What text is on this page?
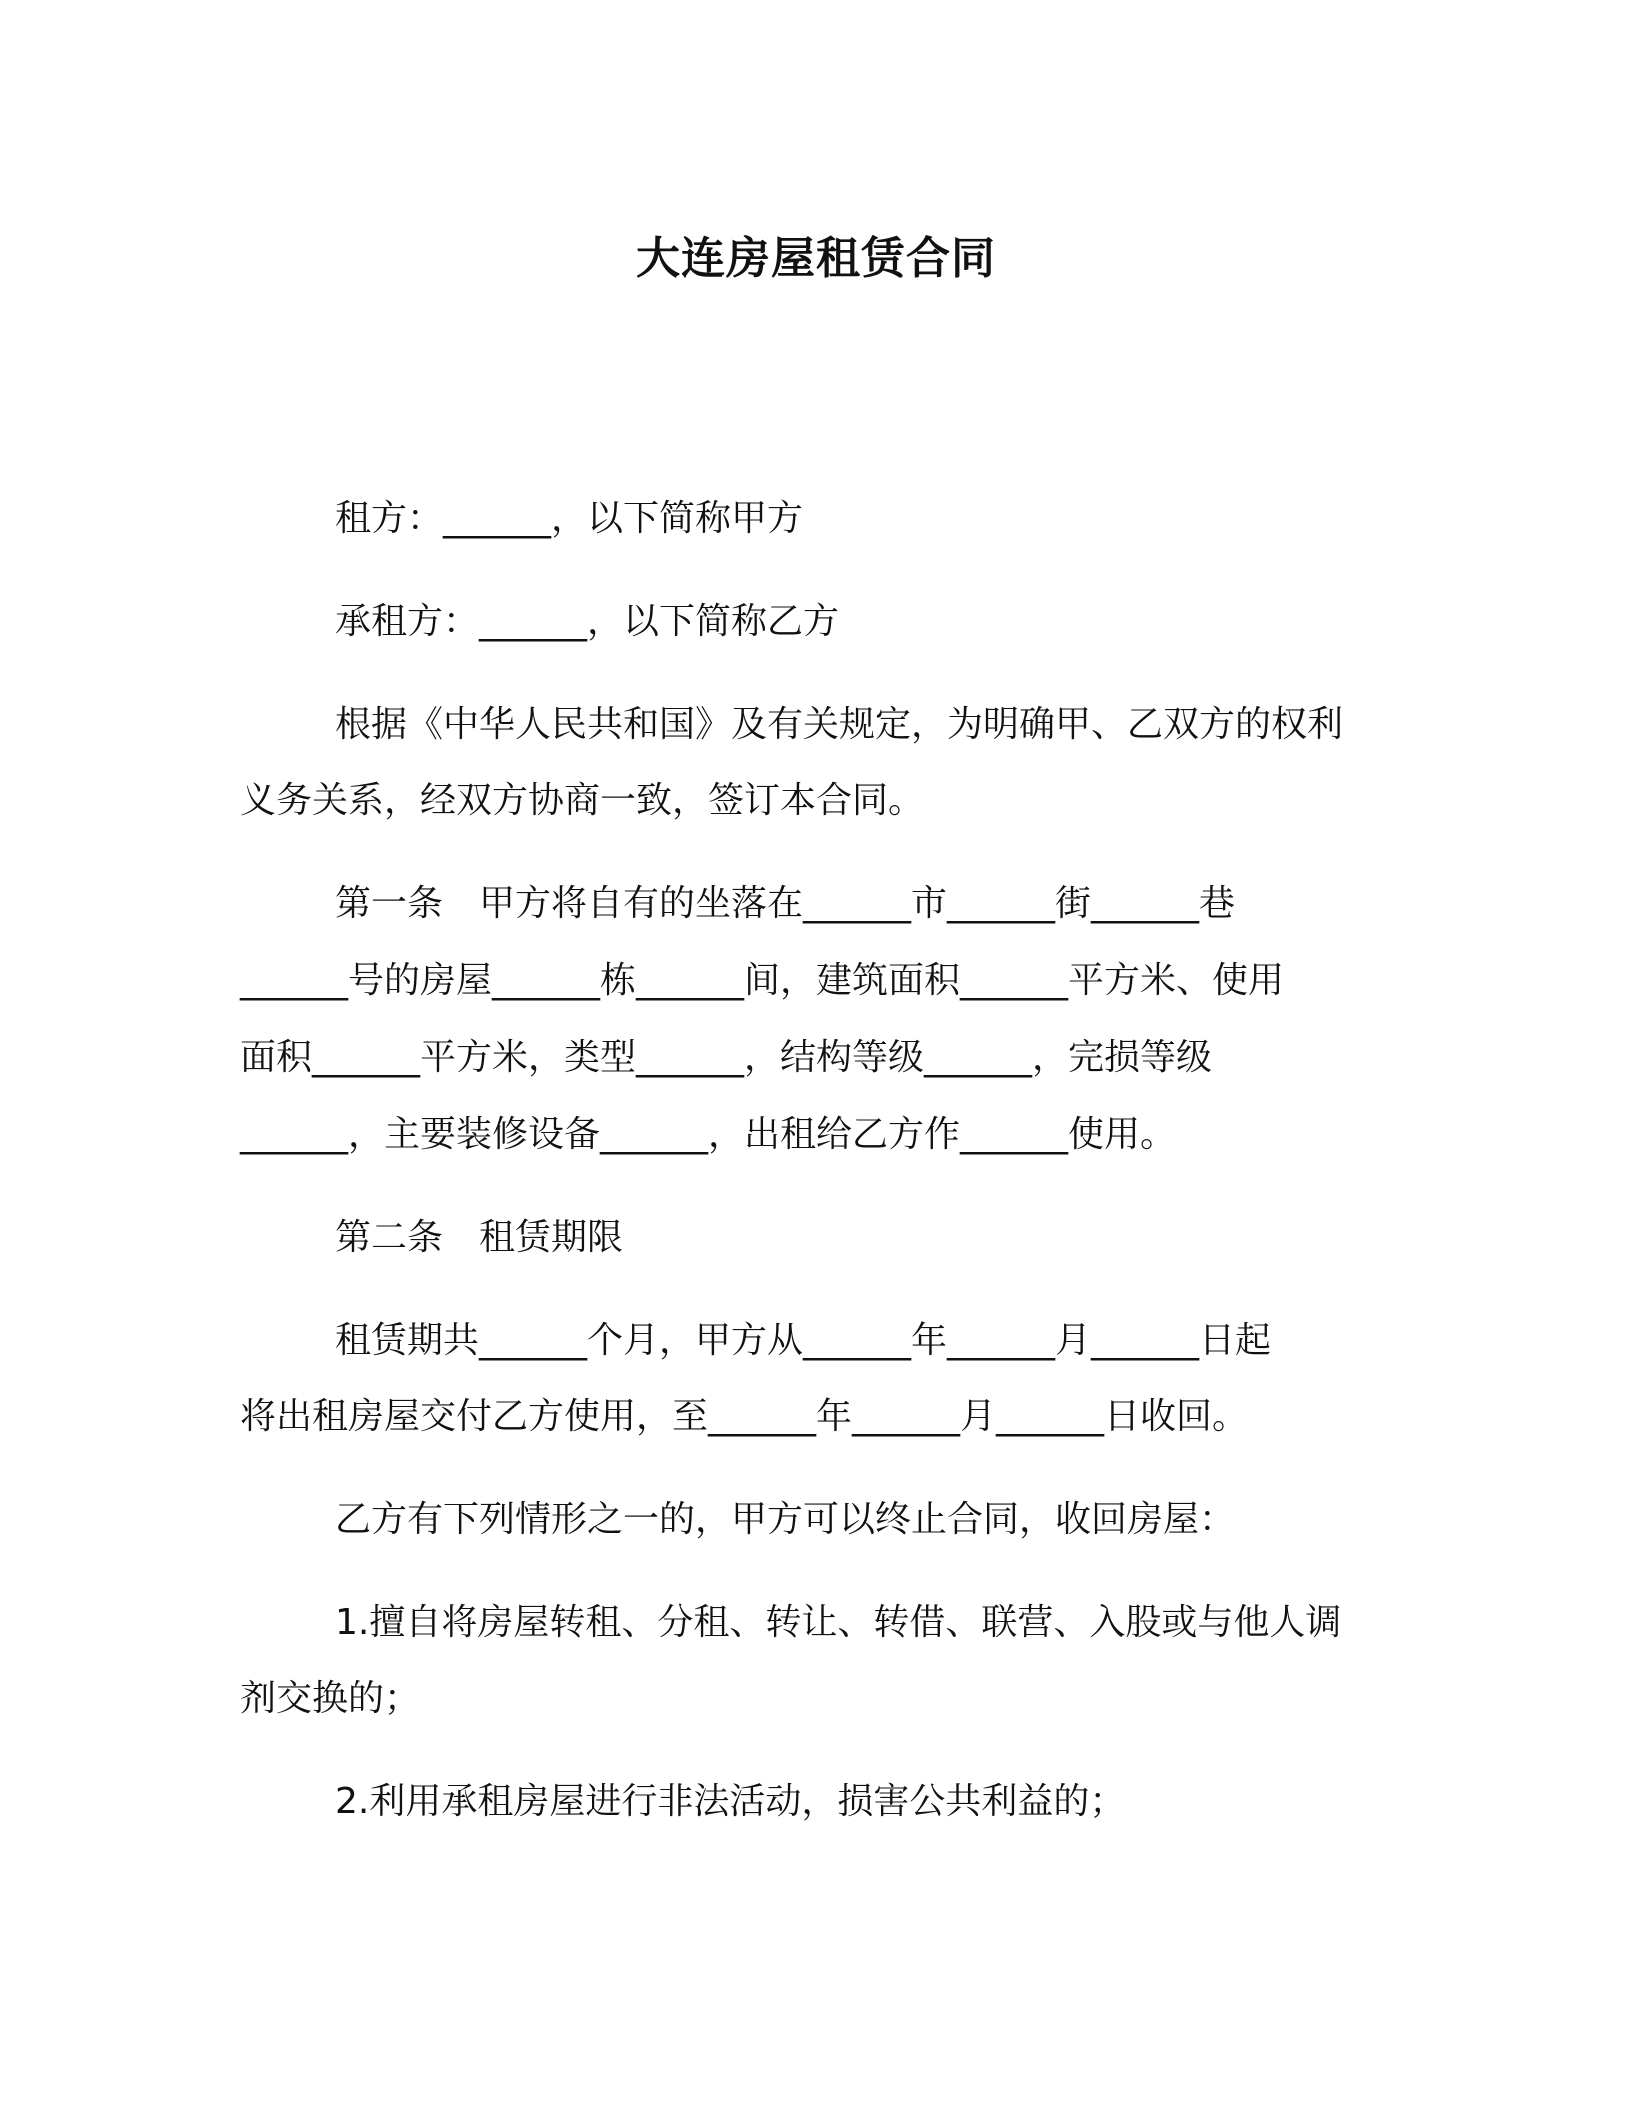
大连房屋租赁合同

租方：______，以下简称甲方

承租方：______，以下简称乙方

根据《中华人民共和国》及有关规定，为明确甲、乙双方的权利

义务关系，经双方协商一致，签订本合同。

第一条　甲方将自有的坐落在______市______街______巷

______号的房屋______栋______间，建筑面积______平方米、使用

面积______平方米，类型______，结构等级______，完损等级

______，主要装修设备______，出租给乙方作______使用。

第二条　租赁期限

租赁期共______个月，甲方从______年______月______日起

将出租房屋交付乙方使用，至______年______月______日收回。

乙方有下列情形之一的，甲方可以终止合同，收回房屋：

1.擅自将房屋转租、分租、转让、转借、联营、入股或与他人调

剂交换的；

2.利用承租房屋进行非法活动，损害公共利益的；
